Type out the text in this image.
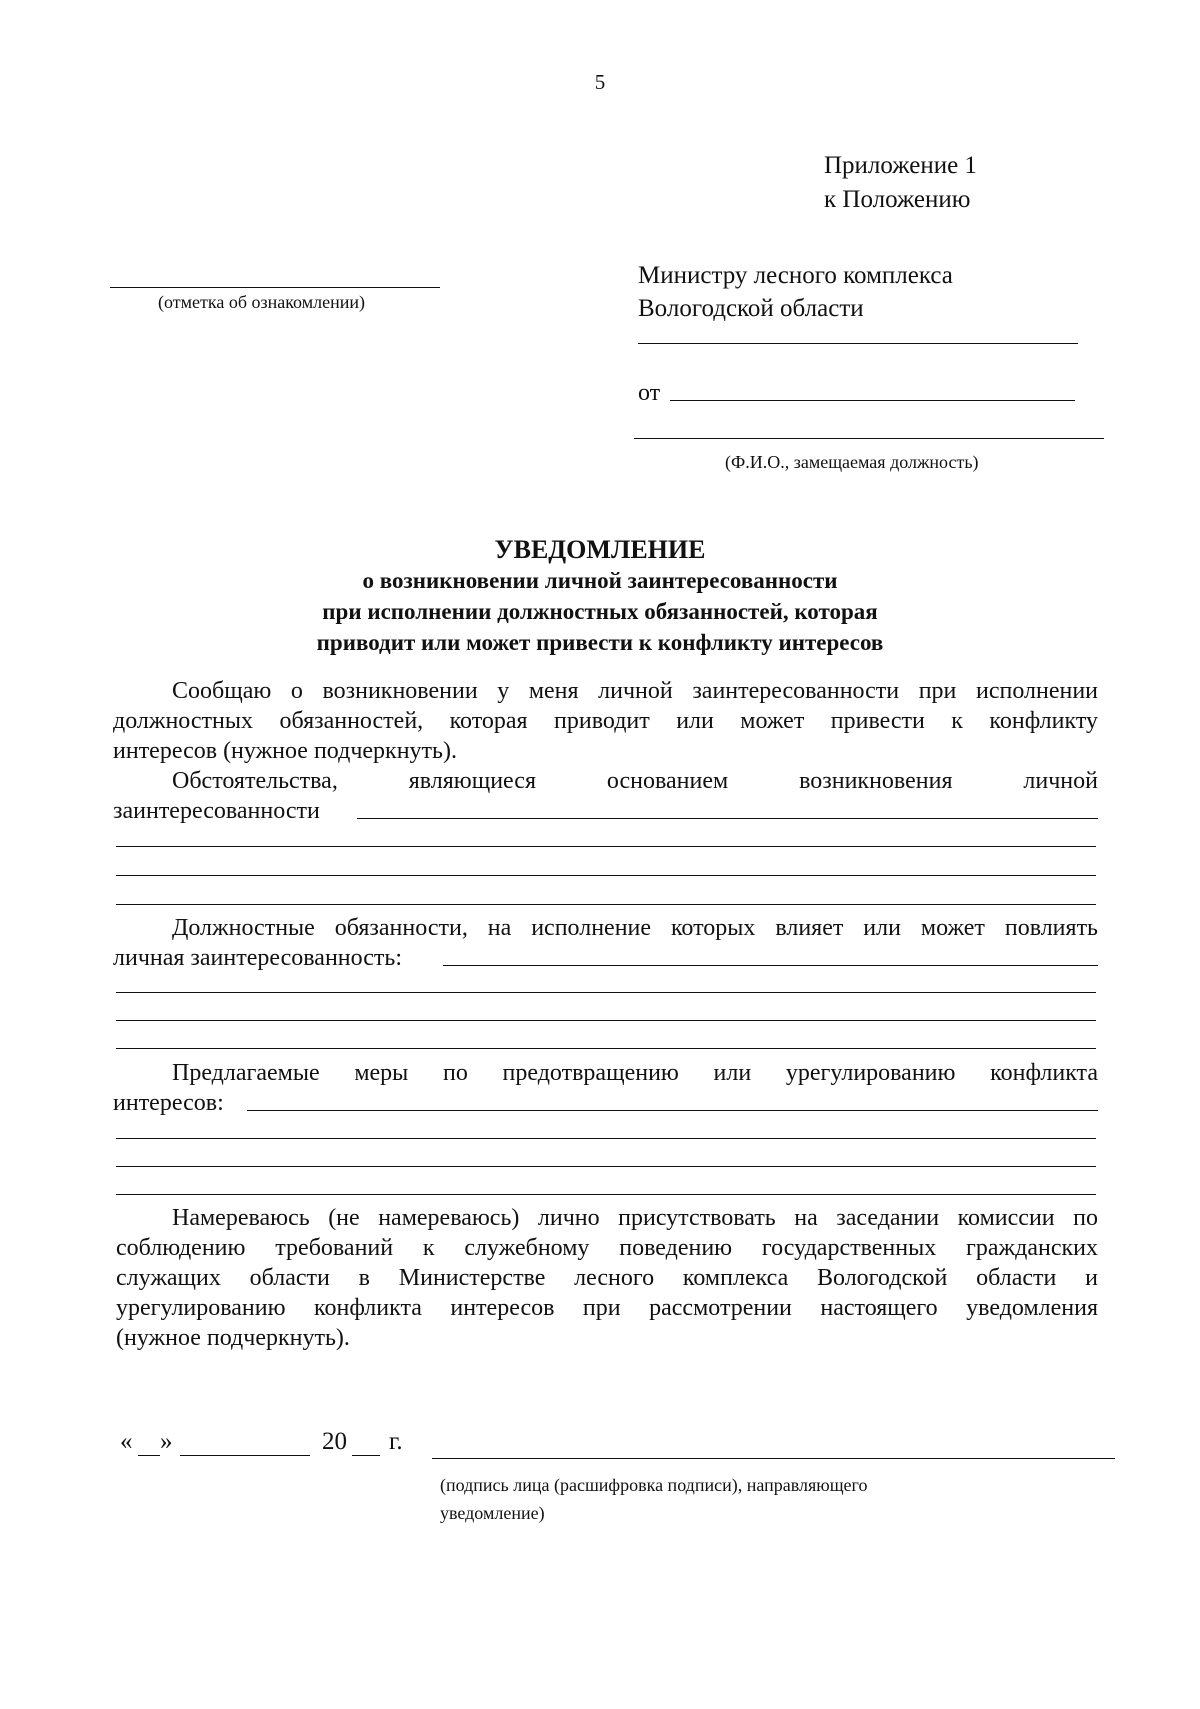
5
Приложение 1
к Положению
(отметка об ознакомлении)
Министру лесного комплекса
Вологодской области
от
(Ф.И.О., замещаемая должность)
УВЕДОМЛЕНИЕ
о возникновении личной заинтересованности
при исполнении должностных обязанностей, которая
приводит или может привести к конфликту интересов
Сообщаю о возникновении у меня личной заинтересованности при исполнении
должностных обязанностей, которая приводит или может привести к конфликту
интересов (нужное подчеркнуть).
Обстоятельства, являющиеся основанием возникновения личной
заинтересованности
Должностные обязанности, на исполнение которых влияет или может повлиять
личная заинтересованность:
Предлагаемые меры по предотвращению или урегулированию конфликта
интересов:
Намереваюсь (не намереваюсь) лично присутствовать на заседании комиссии по
соблюдению требований к служебному поведению государственных гражданских
служащих области в Министерстве лесного комплекса Вологодской области и
урегулированию конфликта интересов при рассмотрении настоящего уведомления
(нужное подчеркнуть).
« »	20 г.
(подпись лица (расшифровка подписи), направляющего
уведомление)
